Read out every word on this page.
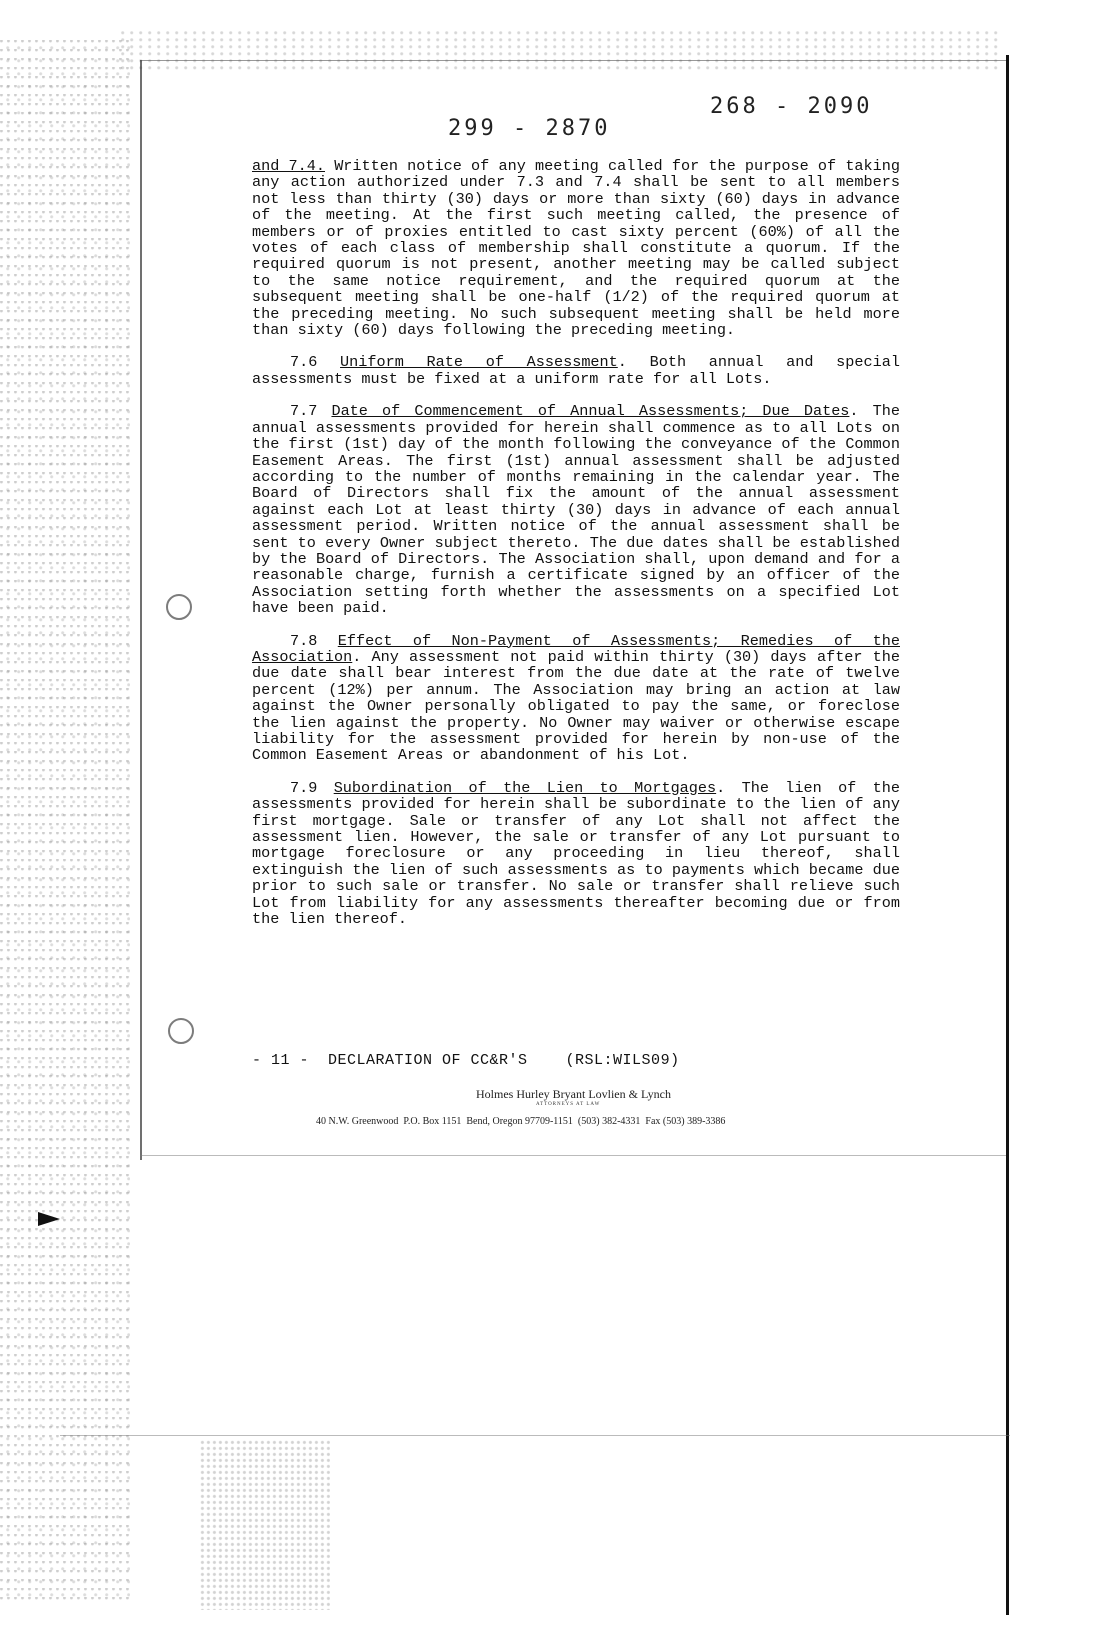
299 - 2870
268 - 2090

and 7.4. Written notice of any meeting called for the purpose of taking any action authorized under 7.3 and 7.4 shall be sent to all members not less than thirty (30) days or more than sixty (60) days in advance of the meeting. At the first such meeting called, the presence of members or of proxies entitled to cast sixty percent (60%) of all the votes of each class of membership shall constitute a quorum. If the required quorum is not present, another meeting may be called subject to the same notice requirement, and the required quorum at the subsequent meeting shall be one-half (1/2) of the required quorum at the preceding meeting. No such subsequent meeting shall be held more than sixty (60) days following the preceding meeting.

7.6 Uniform Rate of Assessment. Both annual and special assessments must be fixed at a uniform rate for all Lots.

7.7 Date of Commencement of Annual Assessments; Due Dates. The annual assessments provided for herein shall commence as to all Lots on the first (1st) day of the month following the conveyance of the Common Easement Areas. The first (1st) annual assessment shall be adjusted according to the number of months remaining in the calendar year. The Board of Directors shall fix the amount of the annual assessment against each Lot at least thirty (30) days in advance of each annual assessment period. Written notice of the annual assessment shall be sent to every Owner subject thereto. The due dates shall be established by the Board of Directors. The Association shall, upon demand and for a reasonable charge, furnish a certificate signed by an officer of the Association setting forth whether the assessments on a specified Lot have been paid.

7.8 Effect of Non-Payment of Assessments; Remedies of the Association. Any assessment not paid within thirty (30) days after the due date shall bear interest from the due date at the rate of twelve percent (12%) per annum. The Association may bring an action at law against the Owner personally obligated to pay the same, or foreclose the lien against the property. No Owner may waiver or otherwise escape liability for the assessment provided for herein by non-use of the Common Easement Areas or abandonment of his Lot.

7.9 Subordination of the Lien to Mortgages. The lien of the assessments provided for herein shall be subordinate to the lien of any first mortgage. Sale or transfer of any Lot shall not affect the assessment lien. However, the sale or transfer of any Lot pursuant to mortgage foreclosure or any proceeding in lieu thereof, shall extinguish the lien of such assessments as to payments which became due prior to such sale or transfer. No sale or transfer shall relieve such Lot from liability for any assessments thereafter becoming due or from the lien thereof.

- 11 -  DECLARATION OF CC&R'S    (RSL:WILS09)
Holmes Hurley Bryant Lovlien & Lynch
ATTORNEYS AT LAW
40 N.W. Greenwood  P.O. Box 1151  Bend, Oregon 97709-1151  (503) 382-4331  Fax (503) 389-3386
